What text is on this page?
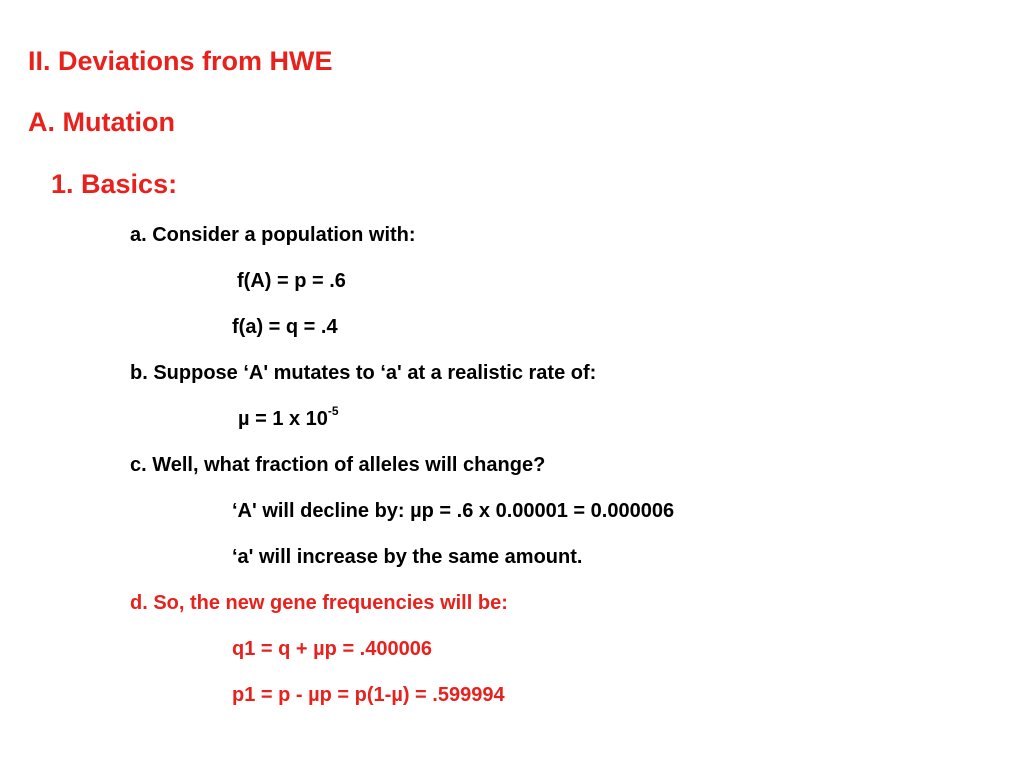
II. Deviations from HWE
A. Mutation
1. Basics:
a. Consider a population with:
f(A) = p = .6
f(a) = q = .4
b. Suppose ‘A' mutates to ‘a' at a realistic rate of:
µ = 1 x $10^{-5}$
c. Well, what fraction of alleles will change?
‘A' will decline by: µp = .6 x 0.00001 = 0.000006
‘a' will increase by the same amount.
d. So, the new gene frequencies will be:
q1 = q + µp = .400006
p1 = p - µp = p(1-µ) = .599994
